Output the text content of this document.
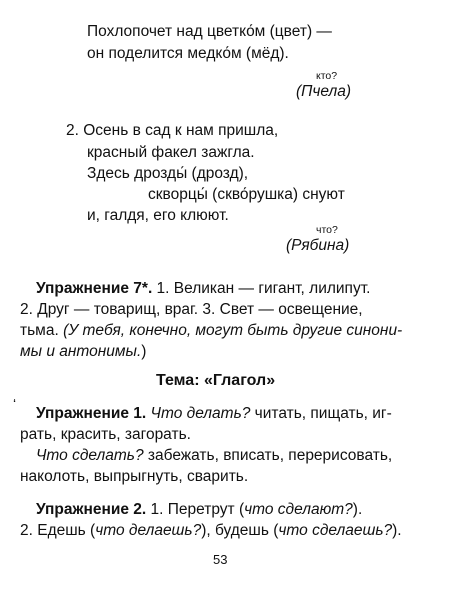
Похлопочет над цветко́м (цвет) —
он поделится медко́м (мёд).
кто?
(Пчела)
2. Осень в сад к нам пришла,
красный факел зажгла.
Здесь дрозды́ (дрозд),
скворцы́ (скво́рушка) снуют
и, галдя, его клюют.
что?
(Рябина)
Упражнение 7*. 1. Великан — гигант, лилипут.
2. Друг — товарищ, враг. 3. Свет — освещение,
тьма. (У тебя, конечно, могут быть другие синони-
мы и антонимы.)
Тема: «Глагол»
ʻ
Упражнение 1. Что делать? читать, пищать, иг-
рать, красить, загорать.
Что сделать? забежать, вписать, перерисовать,
наколоть, выпрыгнуть, сварить.
Упражнение 2. 1. Перетрут (что сделают?).
2. Едешь (что делаешь?), будешь (что сделаешь?).
53
